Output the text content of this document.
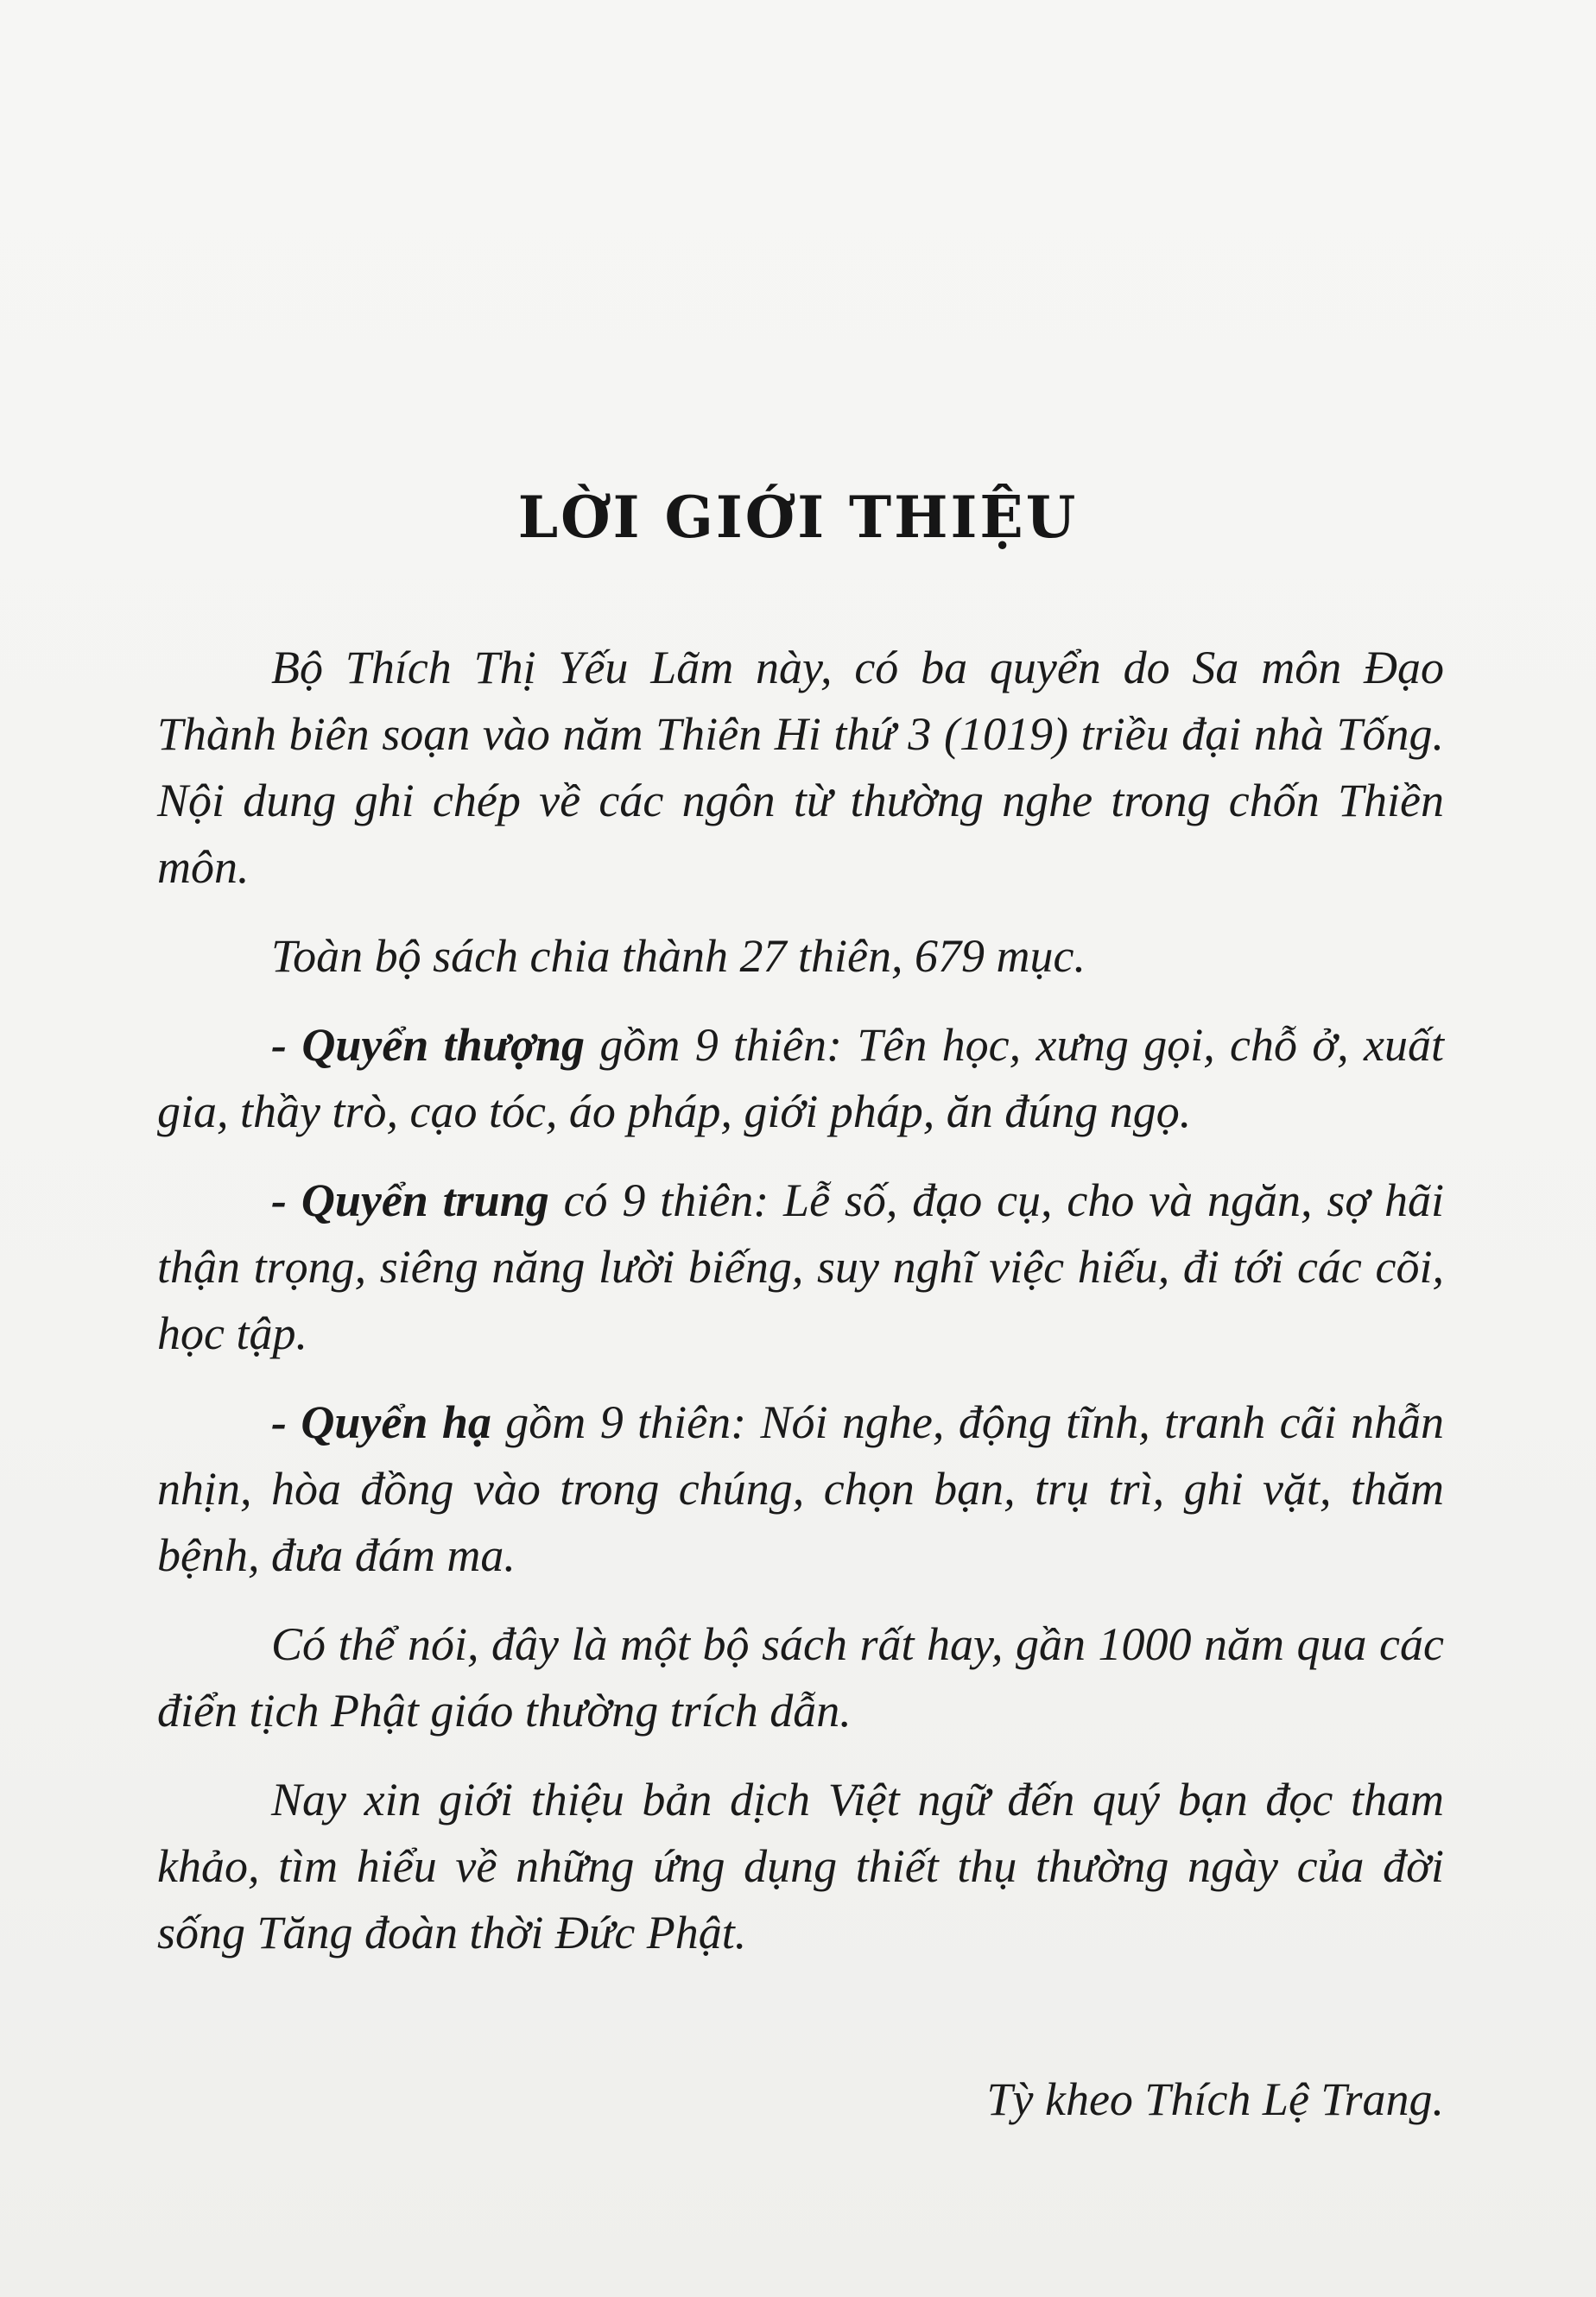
LỜI GIỚI THIỆU

Bộ Thích Thị Yếu Lãm này, có ba quyển do Sa môn Đạo Thành biên soạn vào năm Thiên Hi thứ 3 (1019) triều đại nhà Tống. Nội dung ghi chép về các ngôn từ thường nghe trong chốn Thiền môn.

Toàn bộ sách chia thành 27 thiên, 679 mục.

- Quyển thượng gồm 9 thiên: Tên học, xưng gọi, chỗ ở, xuất gia, thầy trò, cạo tóc, áo pháp, giới pháp, ăn đúng ngọ.

- Quyển trung có 9 thiên: Lễ số, đạo cụ, cho và ngăn, sợ hãi thận trọng, siêng năng lười biếng, suy nghĩ việc hiếu, đi tới các cõi, học tập.

- Quyển hạ gồm 9 thiên: Nói nghe, động tĩnh, tranh cãi nhẫn nhịn, hòa đồng vào trong chúng, chọn bạn, trụ trì, ghi vặt, thăm bệnh, đưa đám ma.

Có thể nói, đây là một bộ sách rất hay, gần 1000 năm qua các điển tịch Phật giáo thường trích dẫn.

Nay xin giới thiệu bản dịch Việt ngữ đến quý bạn đọc tham khảo, tìm hiểu về những ứng dụng thiết thụ thường ngày của đời sống Tăng đoàn thời Đức Phật.

Tỳ kheo Thích Lệ Trang.
